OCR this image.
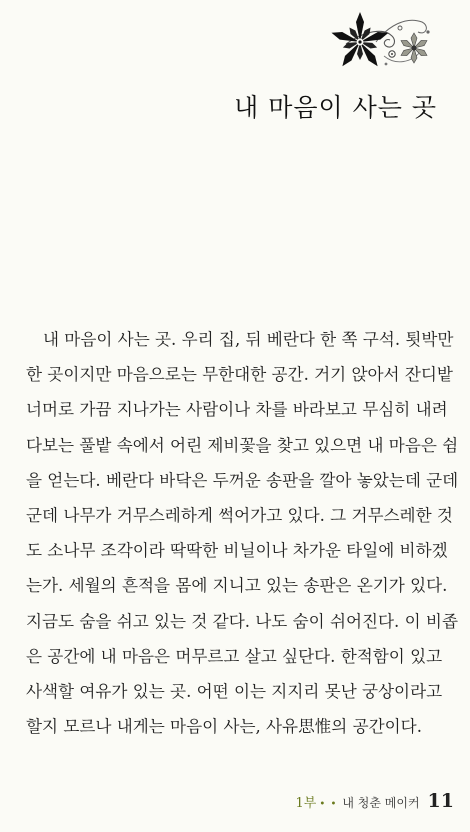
내 마음이 사는 곳
내 마음이 사는 곳. 우리 집, 뒤 베란다 한 쪽 구석. 툇박만
한 곳이지만 마음으로는 무한대한 공간. 거기 앉아서 잔디밭
너머로 가끔 지나가는 사람이나 차를 바라보고 무심히 내려
다보는 풀밭 속에서 어린 제비꽃을 찾고 있으면 내 마음은 쉼
을 얻는다. 베란다 바닥은 두꺼운 송판을 깔아 놓았는데 군데
군데 나무가 거무스레하게 썩어가고 있다. 그 거무스레한 것
도 소나무 조각이라 딱딱한 비닐이나 차가운 타일에 비하겠
는가. 세월의 흔적을 몸에 지니고 있는 송판은 온기가 있다.
지금도 숨을 쉬고 있는 것 같다. 나도 숨이 쉬어진다. 이 비좁
은 공간에 내 마음은 머무르고 살고 싶단다. 한적함이 있고
사색할 여유가 있는 곳. 어떤 이는 지지리 못난 궁상이라고
할지 모르나 내게는 마음이 사는, 사유思惟의 공간이다.
1부 • • 내 청춘 메이커 11
